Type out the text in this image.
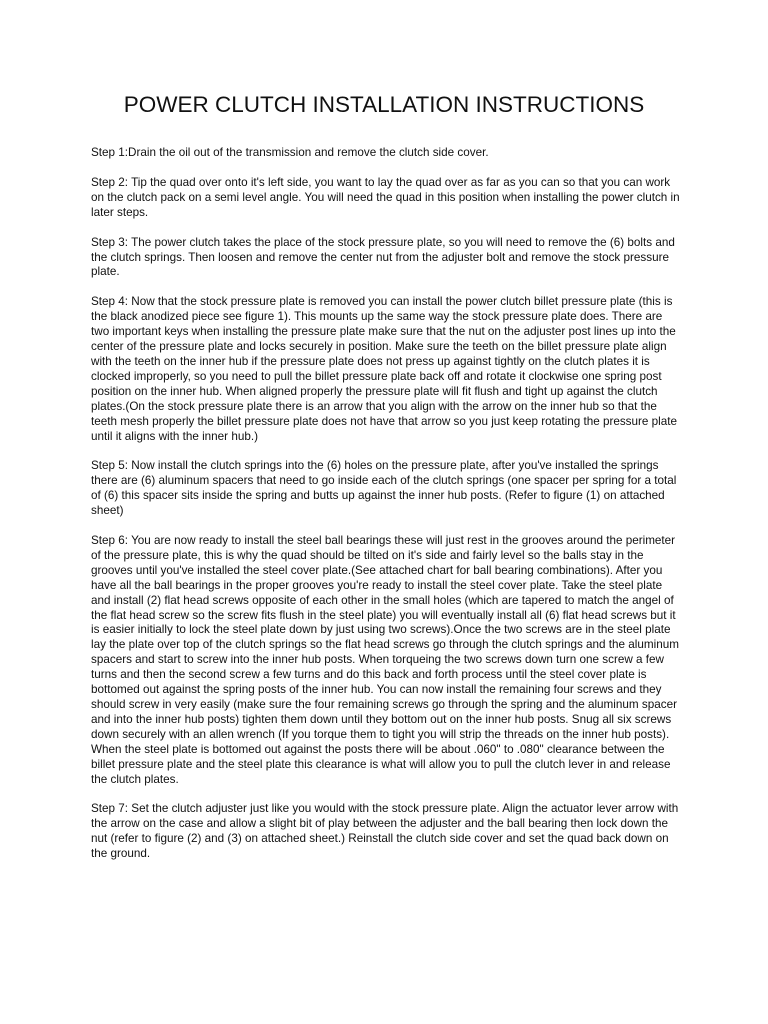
POWER CLUTCH INSTALLATION INSTRUCTIONS

Step 1:Drain the oil out of the transmission and remove the clutch side cover.

Step 2: Tip the quad over onto it's left side, you want to lay the quad over as far as you can so that you can work on the clutch pack on a semi level angle. You will need the quad in this position when installing the power clutch in later steps.

Step 3: The power clutch takes the place of the stock pressure plate, so you will need to remove the (6) bolts and the clutch springs. Then loosen and remove the center nut from the adjuster bolt and remove the stock pressure plate.

Step 4: Now that the stock pressure plate is removed you can install the power clutch billet pressure plate (this is the black anodized piece see figure 1). This mounts up the same way the stock pressure plate does. There are two important keys when installing the pressure plate make sure that the nut on the adjuster post lines up into the center of the pressure plate and locks securely in position. Make sure the teeth on the billet pressure plate align with the teeth on the inner hub if the pressure plate does not press up against tightly on the clutch plates it is clocked improperly, so you need to pull the billet pressure plate back off and rotate it clockwise one spring post position on the inner hub. When aligned properly the pressure plate will fit flush and tight up against the clutch plates.(On the stock pressure plate there is an arrow that you align with the arrow on the inner hub so that the teeth mesh properly the billet pressure plate does not have that arrow so you just keep rotating the pressure plate until it aligns with the inner hub.)

Step 5: Now install the clutch springs into the (6) holes on the pressure plate, after you've installed the springs there are (6) aluminum spacers that need to go inside each of the clutch springs (one spacer per spring for a total of (6) this spacer sits inside the spring and butts up against the inner hub posts. (Refer to figure (1) on attached sheet)

Step 6: You are now ready to install the steel ball bearings these will just rest in the grooves around the perimeter of the pressure plate, this is why the quad should be tilted on it's side and fairly level so the balls stay in the grooves until you've installed the steel cover plate.(See attached chart for ball bearing combinations). After you have all the ball bearings in the proper grooves you're ready to install the steel cover plate. Take the steel plate and install (2) flat head screws opposite of each other in the small holes (which are tapered to match the angel of the flat head screw so the screw fits flush in the steel plate) you will eventually install all (6) flat head screws but it is easier initially to lock the steel plate down by just using two screws).Once the two screws are in the steel plate lay the plate over top of the clutch springs so the flat head screws go through the clutch springs and the aluminum spacers and start to screw into the inner hub posts. When torqueing the two screws down turn one screw a few turns and then the second screw a few turns and do this back and forth process until the steel cover plate is bottomed out against the spring posts of the inner hub. You can now install the remaining four screws and they should screw in very easily (make sure the four remaining screws go through the spring and the aluminum spacer and into the inner hub posts) tighten them down until they bottom out on the inner hub posts. Snug all six screws down securely with an allen wrench (If you torque them to tight you will strip the threads on the inner hub posts). When the steel plate is bottomed out against the posts there will be about .060" to .080" clearance between the billet pressure plate and the steel plate this clearance is what will allow you to pull the clutch lever in and release the clutch plates.

Step 7: Set the clutch adjuster just like you would with the stock pressure plate. Align the actuator lever arrow with the arrow on the case and allow a slight bit of play between the adjuster and the ball bearing then lock down the nut (refer to figure (2) and (3) on attached sheet.) Reinstall the clutch side cover and set the quad back down on the ground.
